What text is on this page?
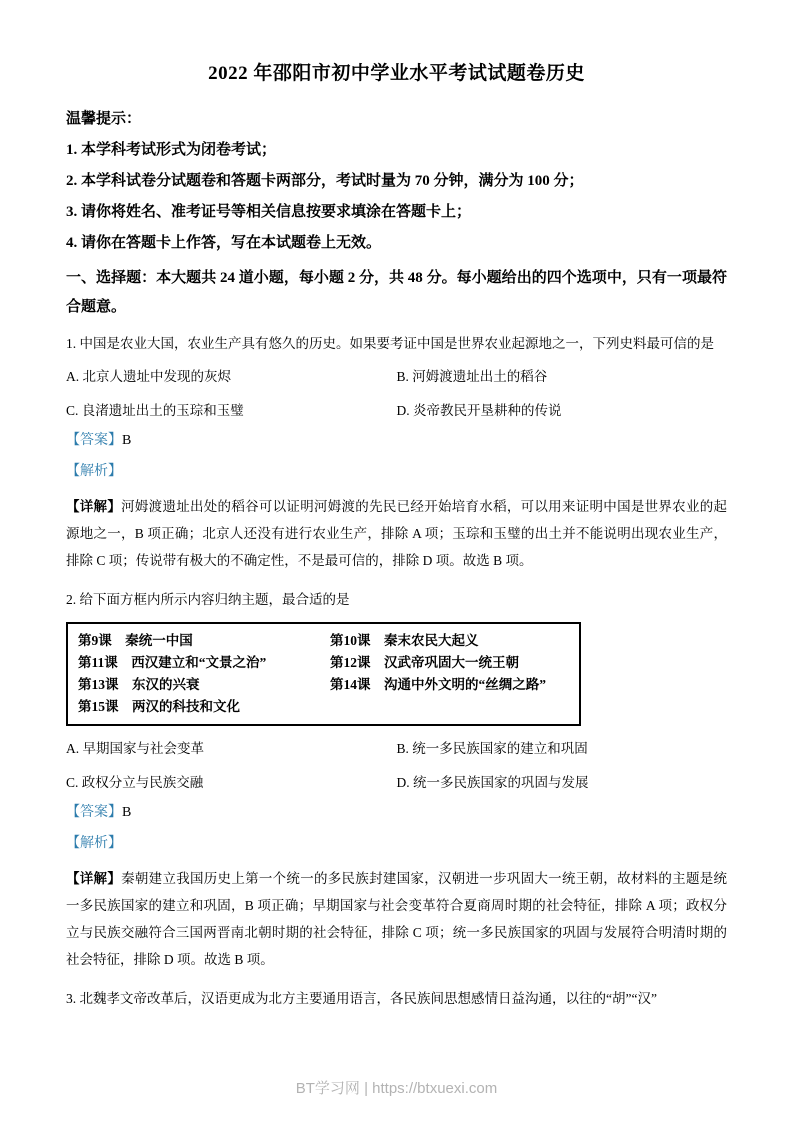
2022 年邵阳市初中学业水平考试试题卷历史

温馨提示：

1. 本学科考试形式为闭卷考试；

2. 本学科试卷分试题卷和答题卡两部分，考试时量为 70 分钟，满分为 100 分；

3. 请你将姓名、准考证号等相关信息按要求填涂在答题卡上；

4. 请你在答题卡上作答，写在本试题卷上无效。

一、选择题：本大题共 24 道小题，每小题 2 分，共 48 分。每小题给出的四个选项中，只有一项最符合题意。

1. 中国是农业大国，农业生产具有悠久的历史。如果要考证中国是世界农业起源地之一，下列史料最可信的是

A. 北京人遗址中发现的灰烬	B. 河姆渡遗址出土的稻谷
C. 良渚遗址出土的玉琮和玉璧	D. 炎帝教民开垦耕种的传说

【答案】B

【解析】

【详解】河姆渡遗址出处的稻谷可以证明河姆渡的先民已经开始培育水稻，可以用来证明中国是世界农业的起源地之一，B 项正确；北京人还没有进行农业生产，排除 A 项；玉琮和玉璧的出土并不能说明出现农业生产，排除 C 项；传说带有极大的不确定性，不是最可信的，排除 D 项。故选 B 项。

2. 给下面方框内所示内容归纳主题，最合适的是

第9课　秦统一中国	第10课　秦末农民大起义
第11课　西汉建立和“文景之治”	第12课　汉武帝巩固大一统王朝
第13课　东汉的兴衰	第14课　沟通中外文明的“丝绸之路”
第15课　两汉的科技和文化
A. 早期国家与社会变革	B. 统一多民族国家的建立和巩固
C. 政权分立与民族交融	D. 统一多民族国家的巩固与发展

【答案】B

【解析】

【详解】秦朝建立我国历史上第一个统一的多民族封建国家，汉朝进一步巩固大一统王朝，故材料的主题是统一多民族国家的建立和巩固，B 项正确；早期国家与社会变革符合夏商周时期的社会特征，排除 A 项；政权分立与民族交融符合三国两晋南北朝时期的社会特征，排除 C 项；统一多民族国家的巩固与发展符合明清时期的社会特征，排除 D 项。故选 B 项。

3. 北魏孝文帝改革后，汉语更成为北方主要通用语言，各民族间思想感情日益沟通，以往的“胡”“汉”

BT学习网 | https://btxuexi.com
